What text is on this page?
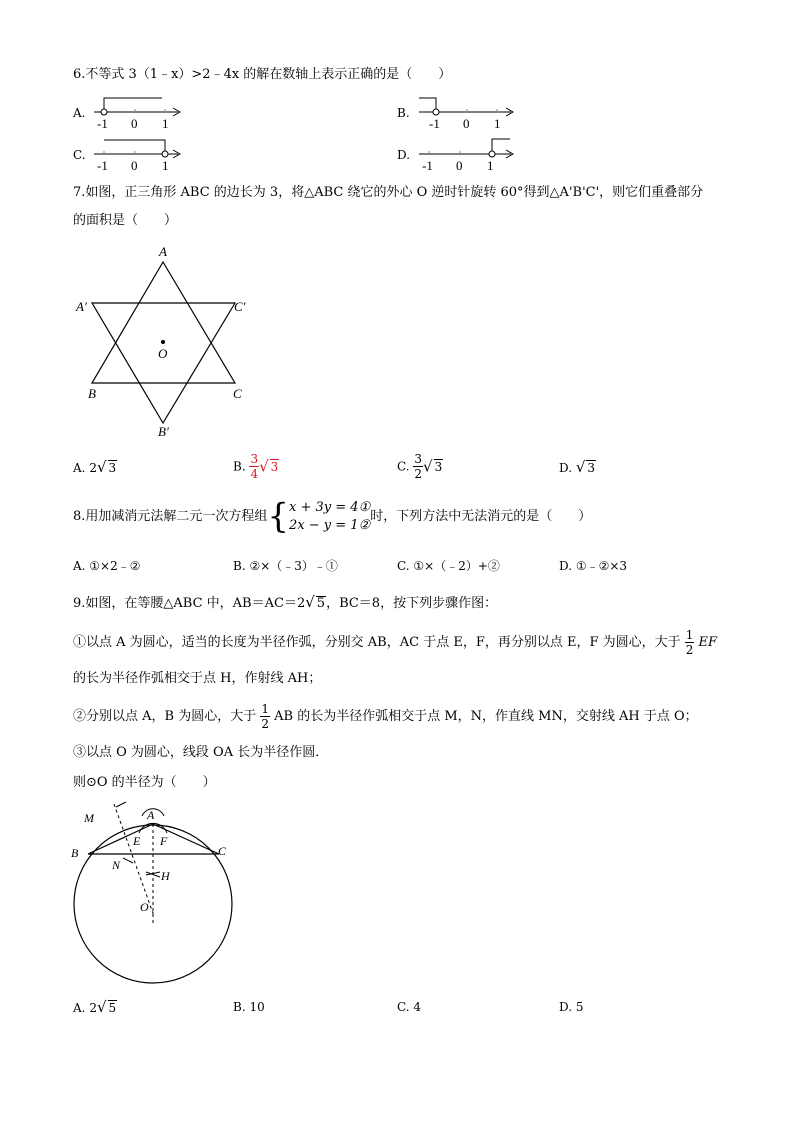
6.不等式 3（1﹣x）>2﹣4x 的解在数轴上表示正确的是（　　）
A.
-1 0 1
B.
-1 0 1
C.
-1 0 1
D.
-1 0 1
7.如图，正三角形 ABC 的边长为 3，将△ABC 绕它的外心 O 逆时针旋转 60°得到△A'B'C'，则它们重叠部分
的面积是（　　）
A
A′	C′
O
B	C
B′
A. 2√ 3	B. $\frac{3}{4}$ √ 3	C. $\frac{3}{2}$ √ 3	D. √ 3
8.用加减消元法解二元一次方程组{ x + 3y = 4①
2x − y = 1②
时，下列方法中无法消元的是（　　）
A. ①×2﹣②	B. ②×（﹣3）﹣①	C. ①×（﹣2）+②	D. ①﹣②×3
9.如图，在等腰△ABC 中，AB＝AC＝2√ 5，BC＝8，按下列步骤作图：
①以点 A 为圆心，适当的长度为半径作弧，分别交 AB，AC 于点 E，F，再分别以点 E，F 为圆心，大于 $\frac{1}{2}$ EF
的长为半径作弧相交于点 H，作射线 AH；
②分别以点 A，B 为圆心，大于 $\frac{1}{2}$ AB 的长为半径作弧相交于点 M，N，作直线 MN，交射线 AH 于点 O；
③以点 O 为圆心，线段 OA 长为半径作圆．
则⊙O 的半径为（　　）
M	A
E F
B	C
N
H
O
A. 2√ 5	B. 10	C. 4	D. 5
